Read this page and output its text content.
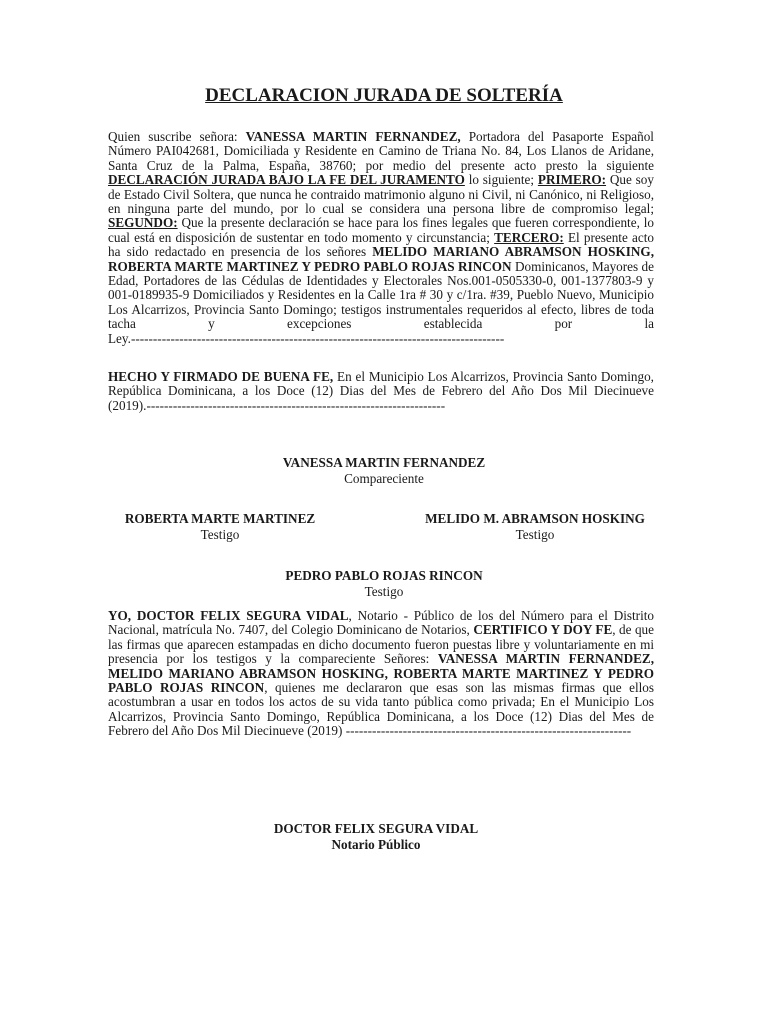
DECLARACION JURADA DE SOLTERÍA

Quien suscribe señora: VANESSA MARTIN FERNANDEZ, Portadora del Pasaporte Español Número PAI042681, Domiciliada y Residente en Camino de Triana No. 84, Los Llanos de Aridane, Santa Cruz de la Palma, España, 38760; por medio del presente acto presto la siguiente DECLARACIÓN JURADA BAJO LA FE DEL JURAMENTO lo siguiente; PRIMERO: Que soy de Estado Civil Soltera, que nunca he contraido matrimonio alguno ni Civil, ni Canónico, ni Religioso, en ninguna parte del mundo, por lo cual se considera una persona libre de compromiso legal; SEGUNDO: Que la presente declaración se hace para los fines legales que fueren correspondiente, lo cual está en disposición de sustentar en todo momento y circunstancia; TERCERO: El presente acto ha sido redactado en presencia de los señores MELIDO MARIANO ABRAMSON HOSKING, ROBERTA MARTE MARTINEZ Y PEDRO PABLO ROJAS RINCON Dominicanos, Mayores de Edad, Portadores de las Cédulas de Identidades y Electorales Nos.001-0505330-0, 001-1377803-9 y 001-0189935-9 Domiciliados y Residentes en la Calle 1ra # 30 y c/1ra. #39, Pueblo Nuevo, Municipio Los Alcarrizos, Provincia Santo Domingo; testigos instrumentales requeridos al efecto, libres de toda tacha y excepciones establecida por la Ley.-------------------------------------------------------------------------------------

HECHO Y FIRMADO DE BUENA FE, En el Municipio Los Alcarrizos, Provincia Santo Domingo, República Dominicana, a los Doce (12) Dias del Mes de Febrero del Año Dos Mil Diecinueve (2019).--------------------------------------------------------------------

VANESSA MARTIN FERNANDEZ
Compareciente
ROBERTA MARTE MARTINEZ
Testigo
MELIDO M. ABRAMSON HOSKING
Testigo
PEDRO PABLO ROJAS RINCON
Testigo

YO, DOCTOR FELIX SEGURA VIDAL, Notario - Público de los del Número para el Distrito Nacional, matrícula No. 7407, del Colegio Dominicano de Notarios, CERTIFICO Y DOY FE, de que las firmas que aparecen estampadas en dicho documento fueron puestas libre y voluntariamente en mi presencia por los testigos y la compareciente Señores: VANESSA MARTIN FERNANDEZ, MELIDO MARIANO ABRAMSON HOSKING, ROBERTA MARTE MARTINEZ Y PEDRO PABLO ROJAS RINCON, quienes me declararon que esas son las mismas firmas que ellos acostumbran a usar en todos los actos de su vida tanto pública como privada; En el Municipio Los Alcarrizos, Provincia Santo Domingo, República Dominicana, a los Doce (12) Dias del Mes de Febrero del Año Dos Mil Diecinueve (2019) -----------------------------------------------------------------

DOCTOR FELIX SEGURA VIDAL
Notario Público
